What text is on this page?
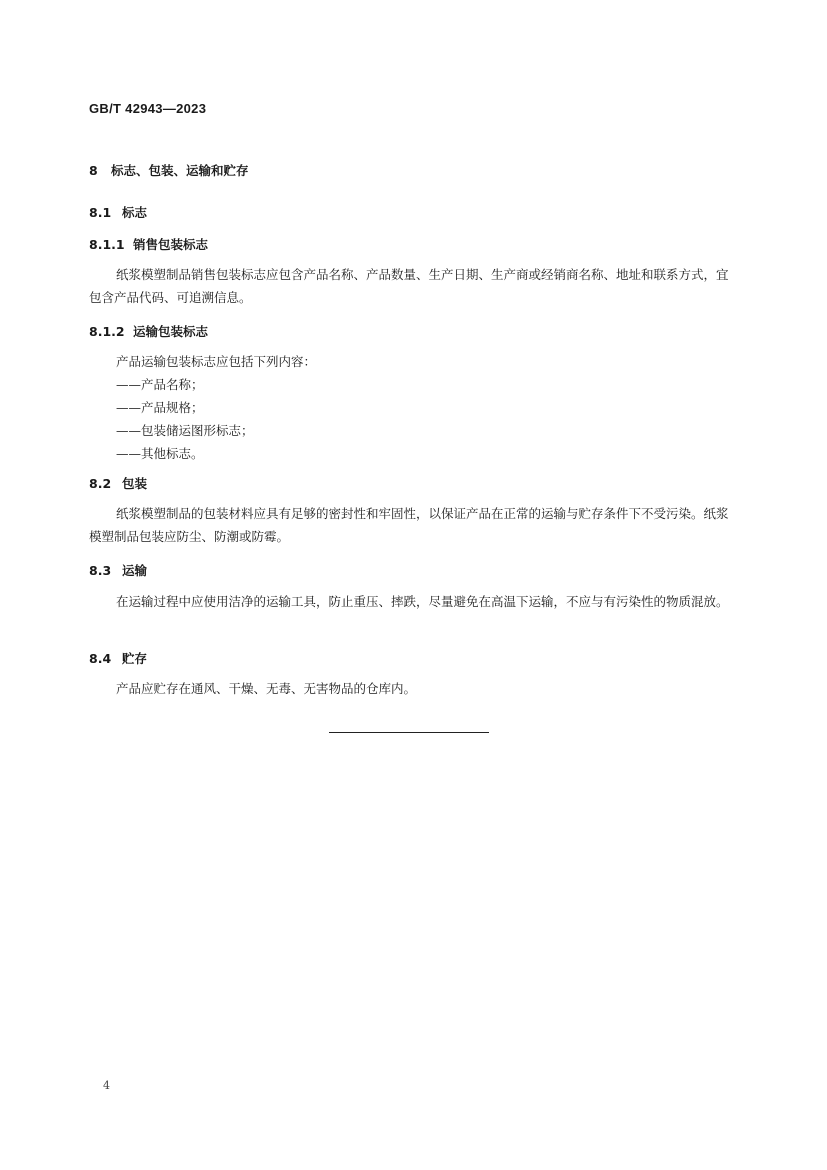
GB/T 42943—2023
8 标志、包装、运输和贮存
8.1 标志
8.1.1 销售包装标志

纸浆模塑制品销售包装标志应包含产品名称、产品数量、生产日期、生产商或经销商名称、地址和联系方式，宜包含产品代码、可追溯信息。

8.1.2 运输包装标志
产品运输包装标志应包括下列内容：
——产品名称；
——产品规格；
——包装储运图形标志；
——其他标志。
8.2 包装

纸浆模塑制品的包装材料应具有足够的密封性和牢固性，以保证产品在正常的运输与贮存条件下不受污染。纸浆模塑制品包装应防尘、防潮或防霉。

8.3 运输

在运输过程中应使用洁净的运输工具，防止重压、摔跌，尽量避免在高温下运输，不应与有污染性的物质混放。

8.4 贮存

产品应贮存在通风、干燥、无毒、无害物品的仓库内。

4
